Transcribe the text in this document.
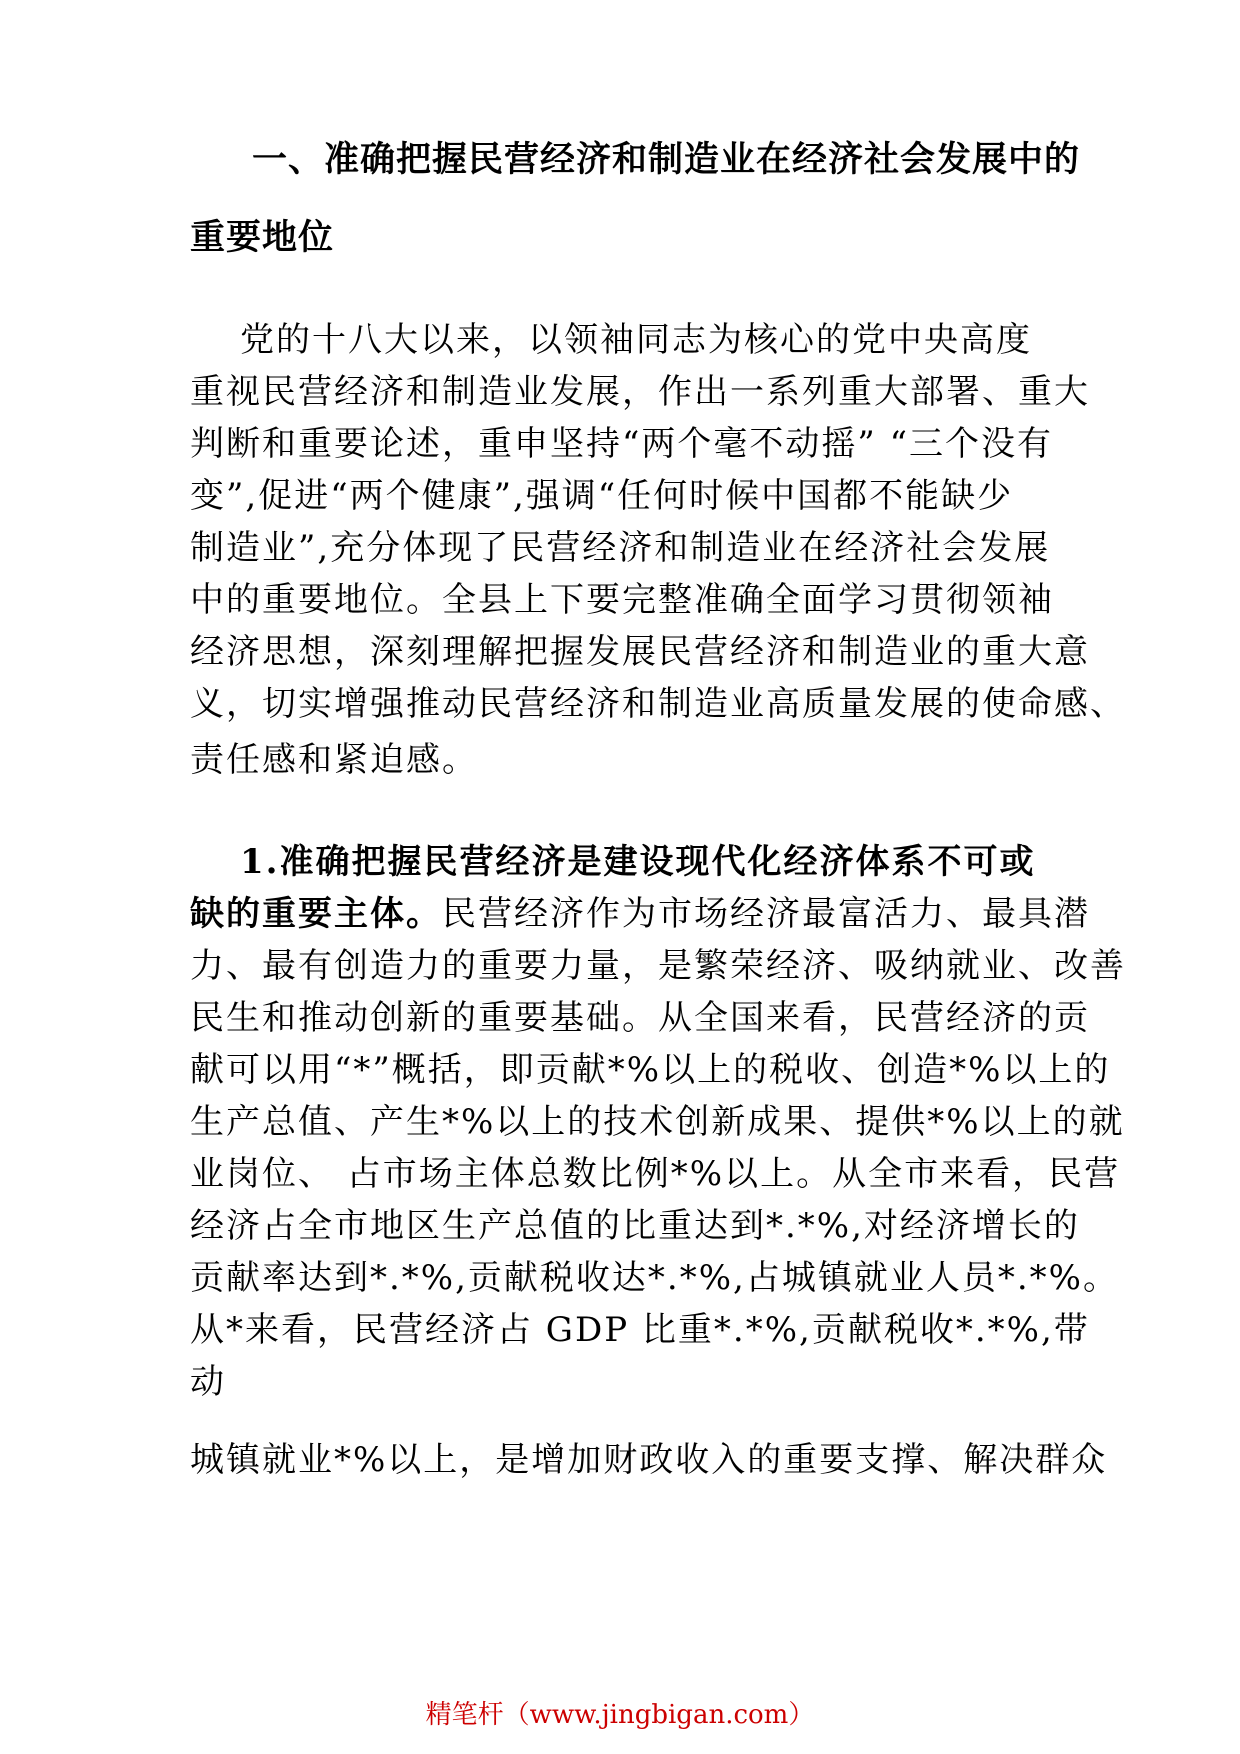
一、准确把握民营经济和制造业在经济社会发展中的

重要地位

党的十八大以来，以领袖同志为核心的党中央高度

重视民营经济和制造业发展，作出一系列重大部署、重大

判断和重要论述，重申坚持“两个毫不动摇” “三个没有

变”,促进“两个健康”,强调“任何时候中国都不能缺少

制造业”,充分体现了民营经济和制造业在经济社会发展

中的重要地位。全县上下要完整准确全面学习贯彻领袖

经济思想，深刻理解把握发展民营经济和制造业的重大意

义，切实增强推动民营经济和制造业高质量发展的使命感、

责任感和紧迫感。

1.准确把握民营经济是建设现代化经济体系不可或

缺的重要主体。民营经济作为市场经济最富活力、最具潜

力、最有创造力的重要力量，是繁荣经济、吸纳就业、改善

民生和推动创新的重要基础。从全国来看，民营经济的贡

献可以用“*”概括，即贡献*%以上的税收、创造*%以上的

生产总值、产生*%以上的技术创新成果、提供*%以上的就

业岗位、 占市场主体总数比例*%以上。从全市来看，民营

经济占全市地区生产总值的比重达到*.*%,对经济增长的

贡献率达到*.*%,贡献税收达*.*%,占城镇就业人员*.*%。

从*来看，民营经济占 GDP 比重*.*%,贡献税收*.*%,带

动

城镇就业*%以上，是增加财政收入的重要支撑、解决群众

精笔杆（www.jingbigan.com）
